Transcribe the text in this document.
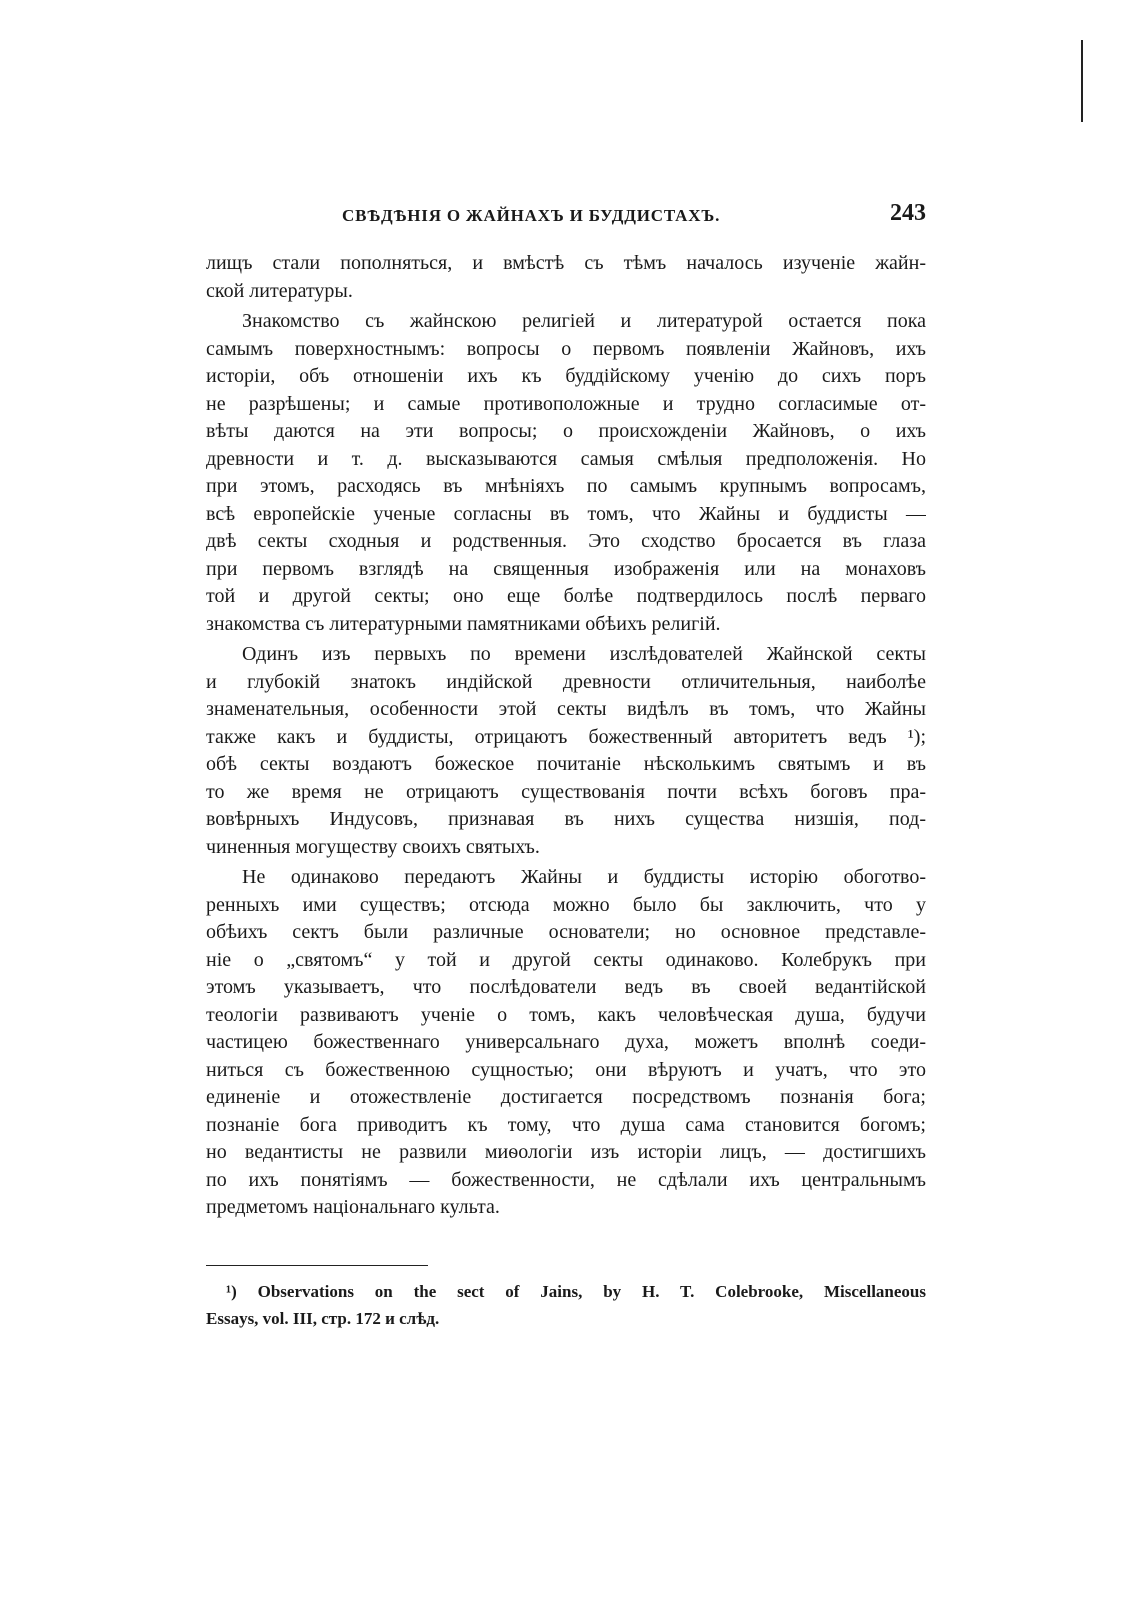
СВѢДѢНІЯ О ЖАЙНАХЪ И БУДДИСТАХЪ.	243
лищъ стали пополняться, и вмѣстѣ съ тѣмъ началось изученіе жайн-
ской литературы.
Знакомство съ жайнскою религіей и литературой остается пока
самымъ поверхностнымъ: вопросы о первомъ появленіи Жайновъ, ихъ
исторіи, объ отношеніи ихъ къ буддійскому ученію до сихъ поръ
не разрѣшены; и самые противоположные и трудно согласимые от-
вѣты даются на эти вопросы; о происхожденіи Жайновъ, о ихъ
древности и т. д. высказываются самыя смѣлыя предположенія. Но
при этомъ, расходясь въ мнѣніяхъ по самымъ крупнымъ вопросамъ,
всѣ европейскіе ученые согласны въ томъ, что Жайны и буддисты —
двѣ секты сходныя и родственныя. Это сходство бросается въ глаза
при первомъ взглядѣ на священныя изображенія или на монаховъ
той и другой секты; оно еще болѣе подтвердилось послѣ перваго
знакомства съ литературными памятниками обѣихъ религій.
Одинъ изъ первыхъ по времени изслѣдователей Жайнской секты
и глубокій знатокъ индійской древности отличительныя, наиболѣе
знаменательныя, особенности этой секты видѣлъ въ томъ, что Жайны
также какъ и буддисты, отрицаютъ божественный авторитетъ ведъ ¹);
обѣ секты воздаютъ божеское почитаніе нѣсколькимъ святымъ и въ
то же время не отрицаютъ существованія почти всѣхъ боговъ пра-
вовѣрныхъ Индусовъ, признавая въ нихъ существа низшія, под-
чиненныя могуществу своихъ святыхъ.
Не одинаково передаютъ Жайны и буддисты исторію обоготво-
ренныхъ ими существъ; отсюда можно было бы заключить, что у
обѣихъ сектъ были различные основатели; но основное представле-
ніе о „святомъ“ у той и другой секты одинаково. Колебрукъ при
этомъ указываетъ, что послѣдователи ведъ въ своей ведантійской
теологіи развиваютъ ученіе о томъ, какъ человѣческая душа, будучи
частицею божественнаго универсальнаго духа, можетъ вполнѣ соеди-
ниться съ божественною сущностью; они вѣруютъ и учатъ, что это
единеніе и отожествленіе достигается посредствомъ познанія бога;
познаніе бога приводитъ къ тому, что душа сама становится богомъ;
но ведантисты не развили миѳологіи изъ исторіи лицъ, — достигшихъ
по ихъ понятіямъ — божественности, не сдѣлали ихъ центральнымъ
предметомъ національнаго культа.
¹) Observations on the sect of Jains, by H. T. Colebrooke, Miscellaneous
Essays, vol. III, стр. 172 и слѣд.
